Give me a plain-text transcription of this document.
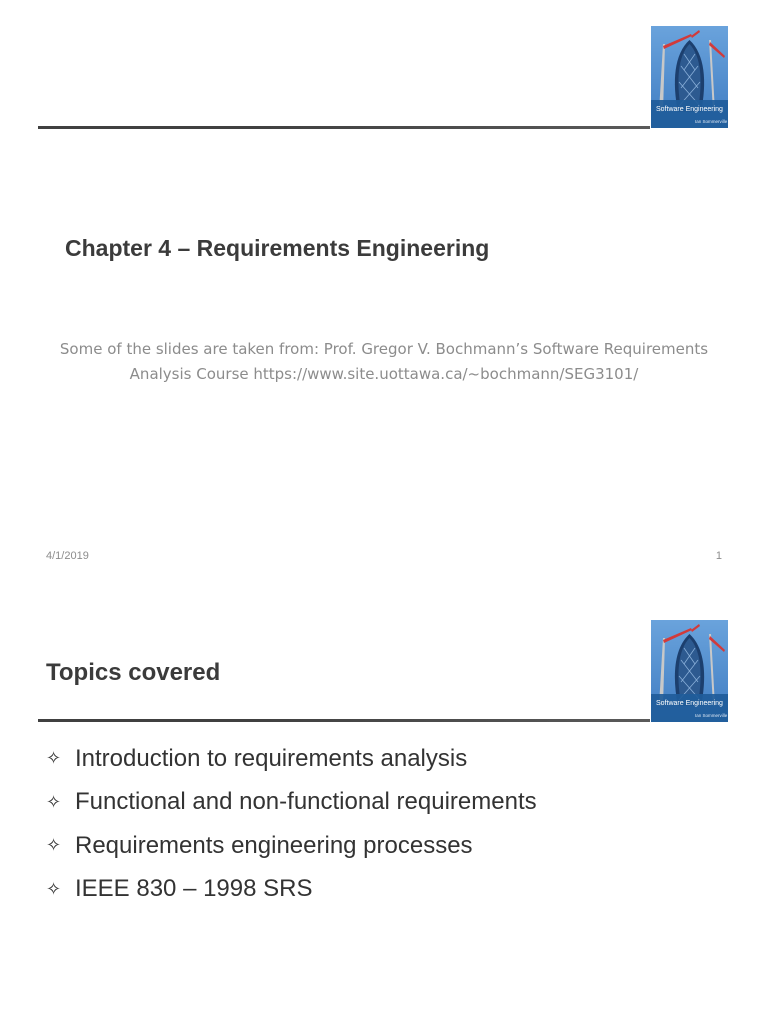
Software Engineering
Ian Sommerville
Chapter 4 – Requirements Engineering
Some of the slides are taken from: Prof. Gregor V. Bochmann’s Software Requirements
Analysis Course https://www.site.uottawa.ca/~bochmann/SEG3101/
4/1/2019	1
Software Engineering
Ian Sommerville
Topics covered
✧ Introduction to requirements analysis
✧ Functional and non-functional requirements
✧ Requirements engineering processes
✧ IEEE 830 – 1998 SRS
